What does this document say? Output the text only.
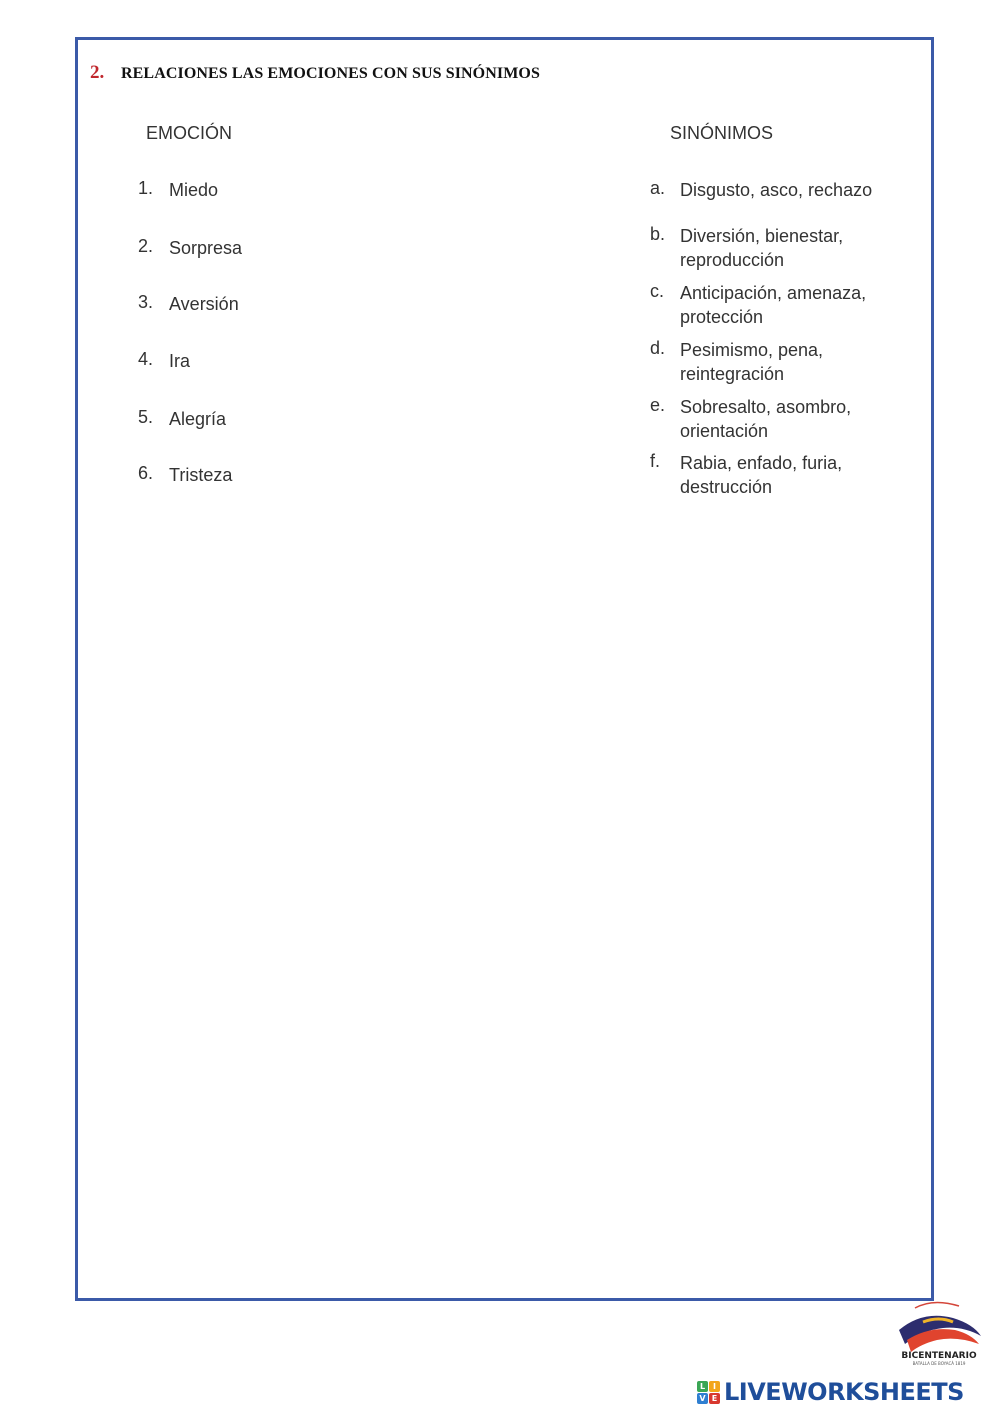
2.	RELACIONES LAS EMOCIONES CON SUS SINÓNIMOS
EMOCIÓN	SINÓNIMOS
1. Miedo
2. Sorpresa
3. Aversión
4. Ira
5. Alegría
6. Tristeza
a. Disgusto, asco, rechazo
b. Diversión, bienestar, reproducción
c. Anticipación, amenaza, protección
d. Pesimismo, pena, reintegración
e. Sobresalto, asombro, orientación
f.	Rabia, enfado, furia, destrucción
BICENTENARIO
BATALLA DE BOYACÁ 1819
L I
V E LIVEWORKSHEETS
